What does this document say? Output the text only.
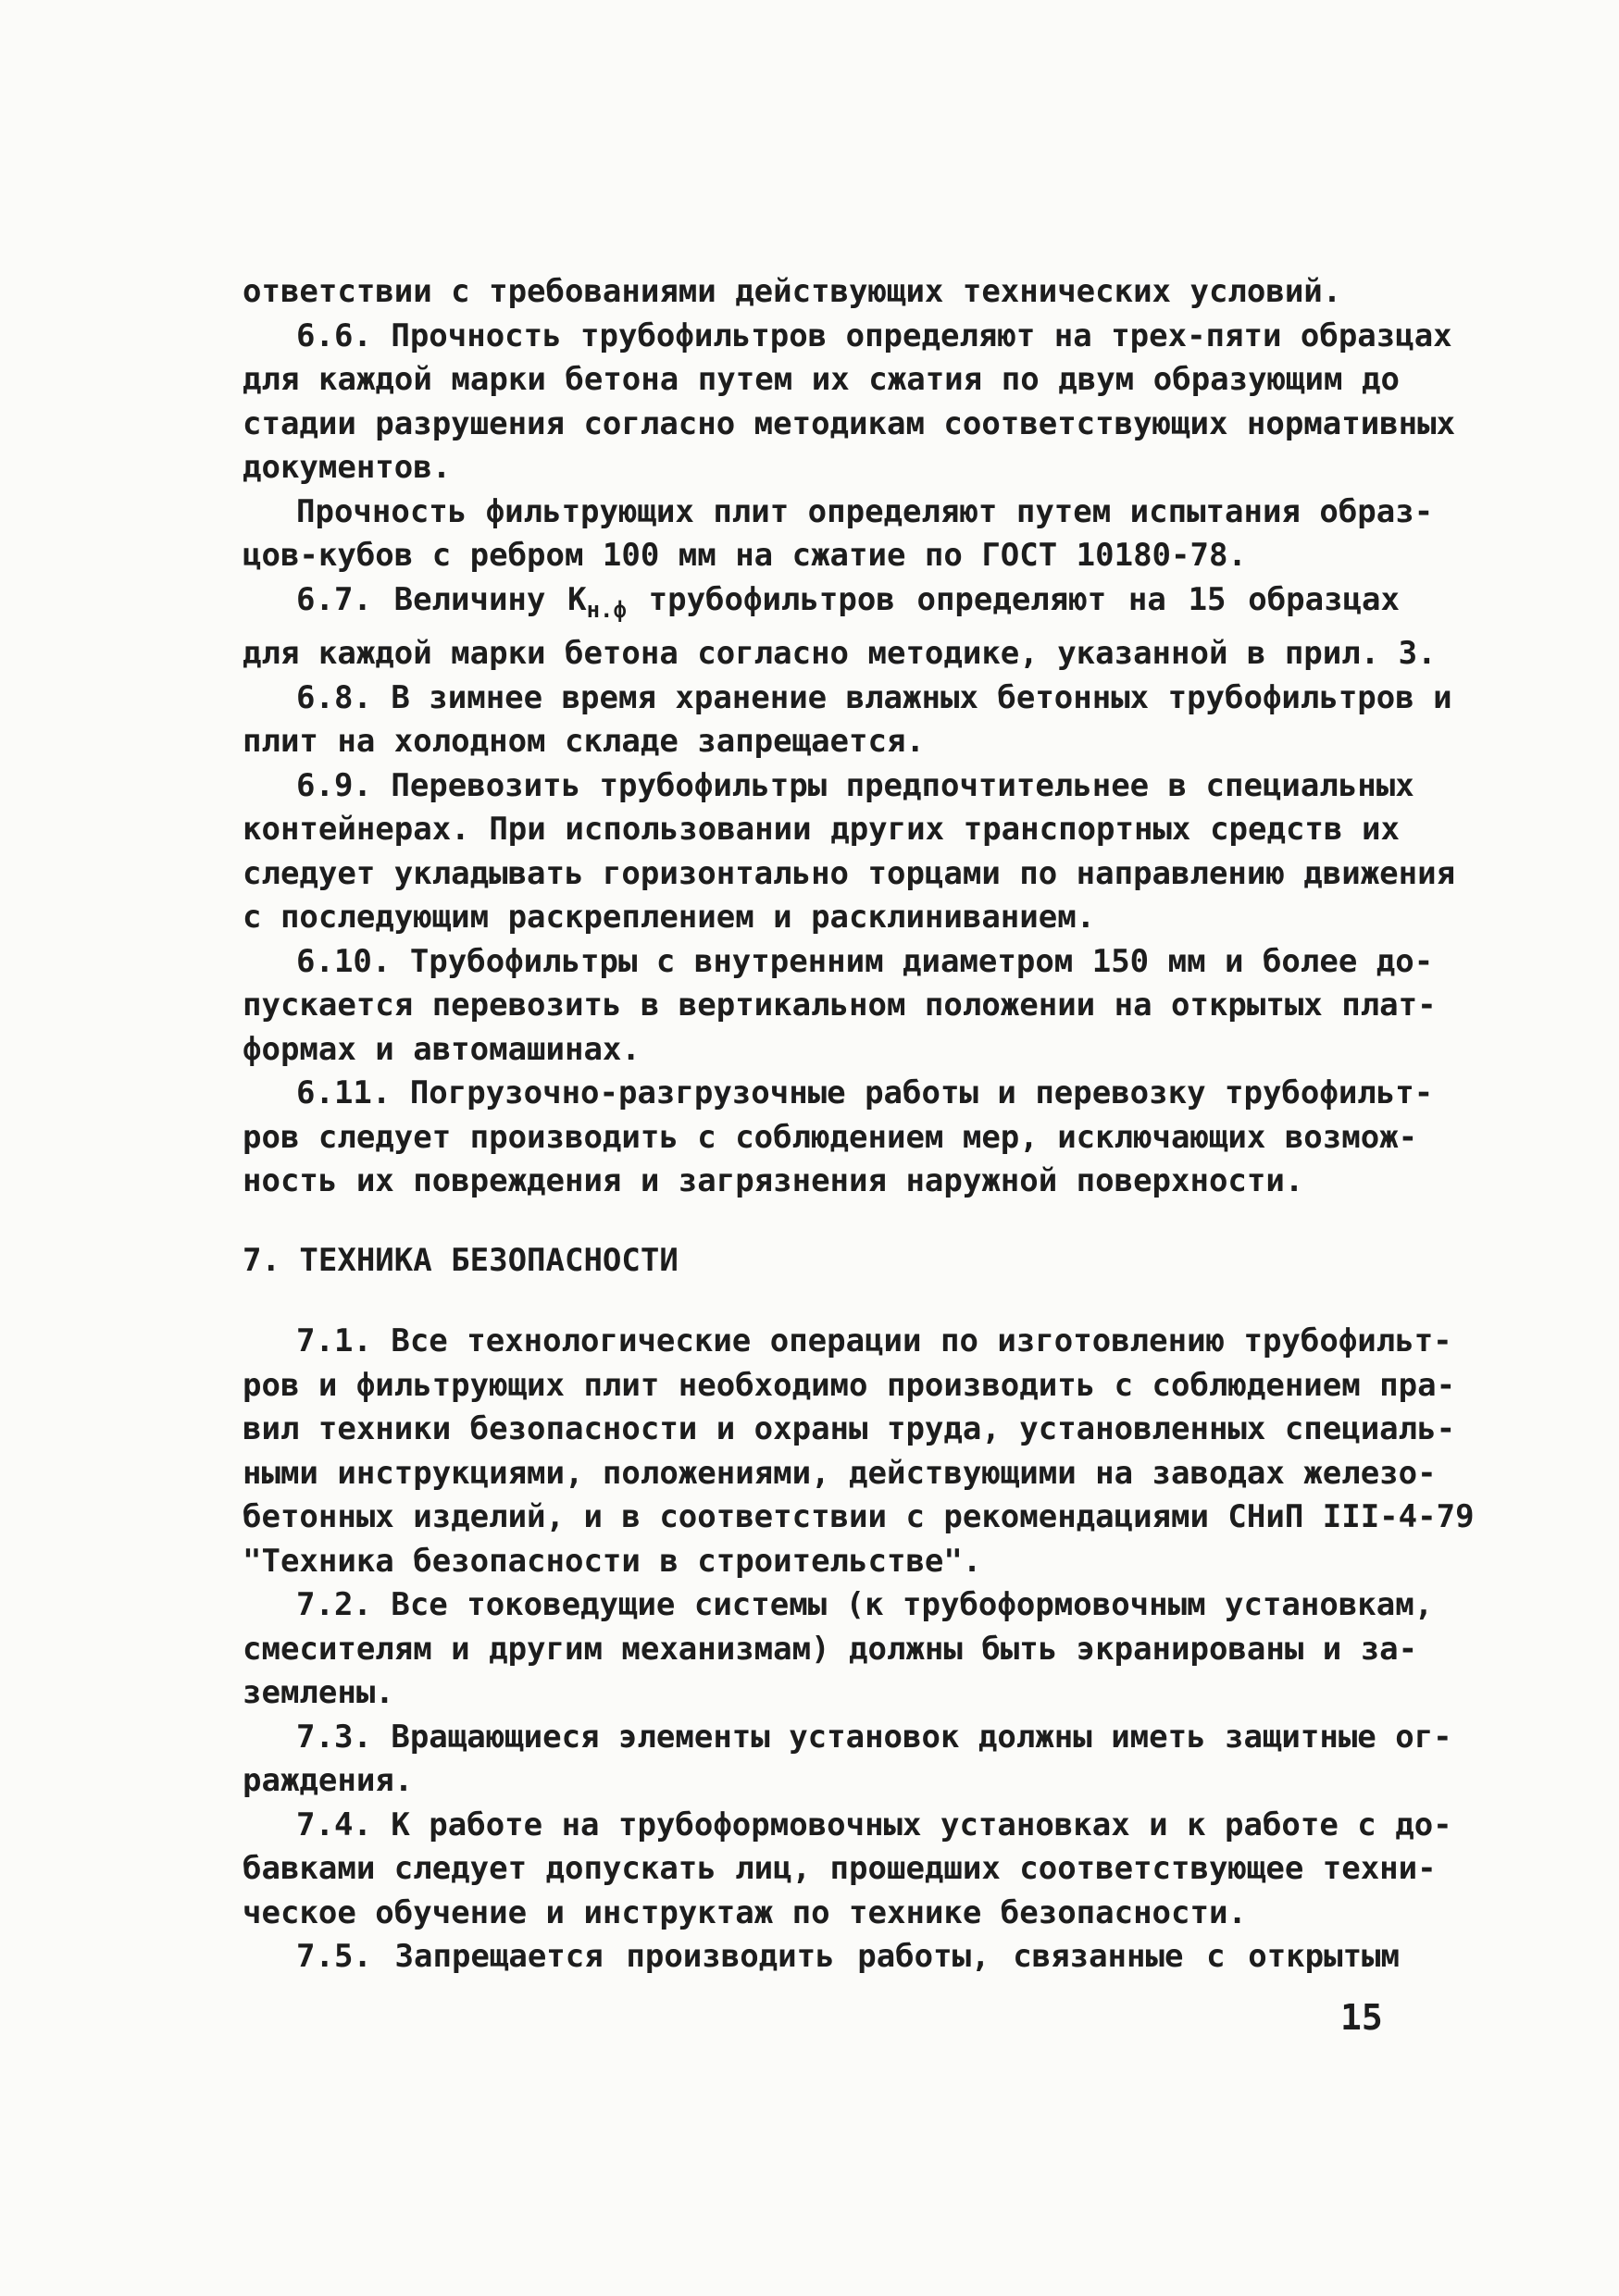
ответствии с требованиями действующих технических условий.
6.6. Прочность трубофильтров определяют на трех-пяти образцах
для каждой марки бетона путем их сжатия по двум образующим до
стадии разрушения согласно методикам соответствующих нормативных
документов.
Прочность фильтрующих плит определяют путем испытания образ-
цов-кубов с ребром 100 мм на сжатие по ГОСТ 10180-78.
6.7. Величину $К_{н.ф}$ трубофильтров определяют на 15 образцах
для каждой марки бетона согласно методике, указанной в прил. 3.
6.8. В зимнее время хранение влажных бетонных трубофильтров и
плит на холодном складе запрещается.
6.9. Перевозить трубофильтры предпочтительнее в специальных
контейнерах. При использовании других транспортных средств их
следует укладывать горизонтально торцами по направлению движения
с последующим раскреплением и расклиниванием.
6.10. Трубофильтры с внутренним диаметром 150 мм и более до-
пускается перевозить в вертикальном положении на открытых плат-
формах и автомашинах.
6.11. Погрузочно-разгрузочные работы и перевозку трубофильт-
ров следует производить с соблюдением мер, исключающих возмож-
ность их повреждения и загрязнения наружной поверхности.
7. ТЕХНИКА БЕЗОПАСНОСТИ
7.1. Все технологические операции по изготовлению трубофильт-
ров и фильтрующих плит необходимо производить с соблюдением пра-
вил техники безопасности и охраны труда, установленных специаль-
ными инструкциями, положениями, действующими на заводах железо-
бетонных изделий, и в соответствии с рекомендациями СНиП III-4-79
"Техника безопасности в строительстве".
7.2. Все токоведущие системы (к трубоформовочным установкам,
смесителям и другим механизмам) должны быть экранированы и за-
землены.
7.3. Вращающиеся элементы установок должны иметь защитные ог-
раждения.
7.4. К работе на трубоформовочных установках и к работе с до-
бавками следует допускать лиц, прошедших соответствующее техни-
ческое обучение и инструктаж по технике безопасности.
7.5. Запрещается производить работы, связанные с открытым
15
